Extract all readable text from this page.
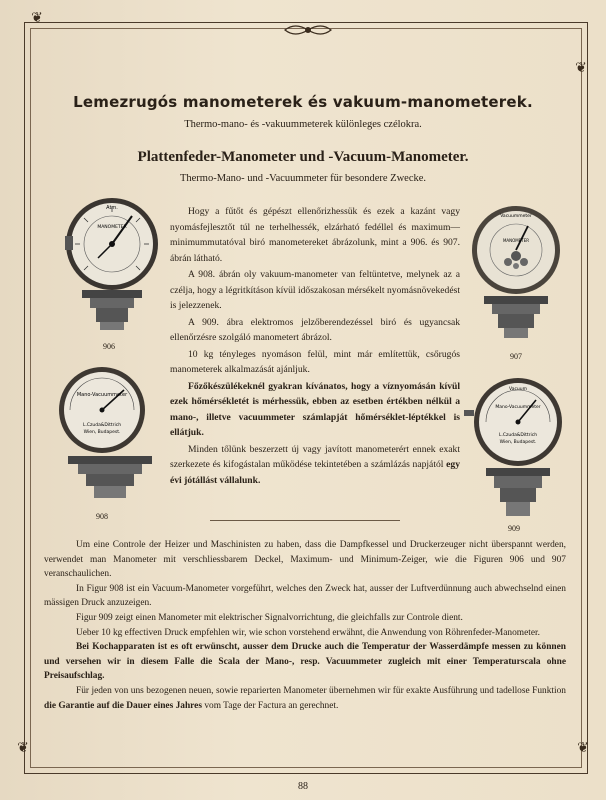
❦
❦
❦	❦
Lemezrugós manometerek és vakuum-manometerek.
Thermo-mano- és -vakuummeterek különleges czélokra.
Plattenfeder-Manometer und -Vacuum-Manometer.
Thermo-Mano- und -Vacuummeter für besondere Zwecke.
Atm.
MANOMETER
906
Vacuummeter
MANOMETER
907
Mano-Vacuummeter
L.Czuda&Dittrich
Wien, Budapest.
908
Vacuum
Mano-Vacuummeter
L.Czuda&Dittrich
Wien, Budapest.
909

Hogy a fűtőt és gépészt ellenőrizhessük és ezek a kazánt vagy nyomásfejlesztőt túl ne terhelhessék, elzárható fedéllel és maximum—minimummutatóval biró manometereket ábrázolunk, mint a 906. és 907. ábrán látható.

A 908. ábrán oly vakuum-manometer van feltüntetve, melynek az a czélja, hogy a légritkításon kívül időszakosan mérsékelt nyomásnövekedést is jelezzenek.

A 909. ábra elektromos jelzőberendezéssel biró és ugyancsak ellenőrzésre szolgáló manometert ábrázol.

10 kg tényleges nyomáson felül, mint már említettük, csőrugós manometerek alkalmazását ajánljuk.

Főzőkészülékeknél gyakran kívánatos, hogy a víznyomásán kívül ezek hőmérsékletét is mérhessük, ebben az esetben értékben nélkül a mano-, illetve vacuummeter számlapját hőmérséklet-léptékkel is ellátjuk.

Minden tőlünk beszerzett új vagy javított manometerért ennek exakt szerkezete és kifogástalan működése tekintetében a számlázás napjától egy évi jótállást vállalunk.

Um eine Controle der Heizer und Maschinisten zu haben, dass die Dampfkessel und Druckerzeuger nicht überspannt werden, verwendet man Manometer mit verschliessbarem Deckel, Maximum- und Minimum-Zeiger, wie die Figuren 906 und 907 veranschaulichen.

In Figur 908 ist ein Vacuum-Manometer vorgeführt, welches den Zweck hat, ausser der Luftverdünnung auch abwechselnd einen mässigen Druck anzuzeigen.

Figur 909 zeigt einen Manometer mit elektrischer Signalvorrichtung, die gleichfalls zur Controle dient.

Ueber 10 kg effectiven Druck empfehlen wir, wie schon vorstehend erwähnt, die Anwendung von Röhrenfeder-Manometer.

Bei Kochapparaten ist es oft erwünscht, ausser dem Drucke auch die Temperatur der Wasserdämpfe messen zu können und versehen wir in diesem Falle die Scala der Mano-, resp. Vacuummeter zugleich mit einer Temperaturscala ohne Preisaufschlag.

Für jeden von uns bezogenen neuen, sowie reparierten Manometer übernehmen wir für exakte Ausführung und tadellose Funktion die Garantie auf die Dauer eines Jahres vom Tage der Factura an gerechnet.

88
